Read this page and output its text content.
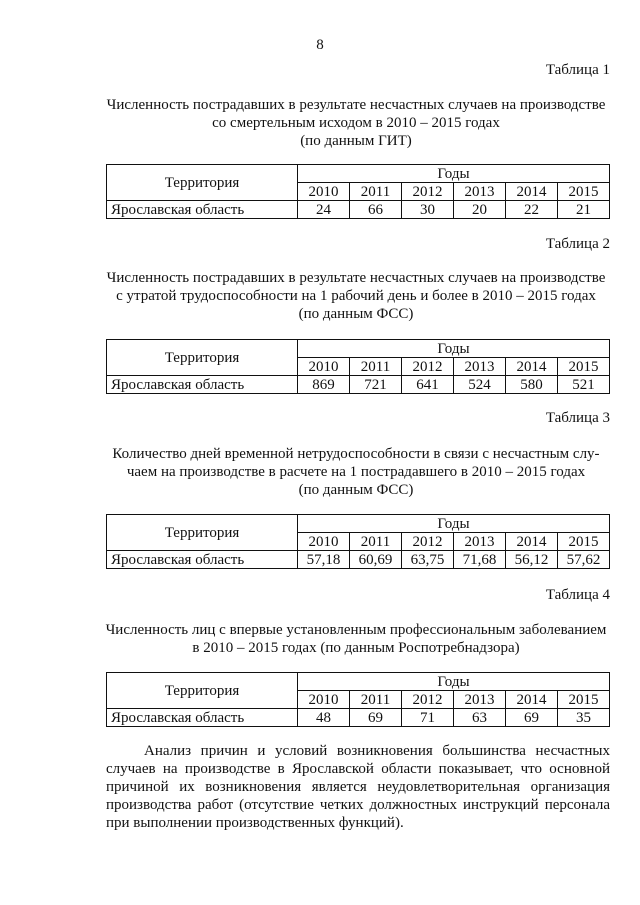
8
Таблица 1
Численность пострадавших в результате несчастных случаев на производстве
со смертельным исходом в 2010 – 2015 годах
(по данным ГИТ)
Территория	Годы					
	2010	2011	2012	2013	2014	2015
Ярославская область	24	66	30	20	22	21
Таблица 2
Численность пострадавших в результате несчастных случаев на производстве
с утратой трудоспособности на 1 рабочий день и более в 2010 – 2015 годах
(по данным ФСС)
Территория	Годы					
	2010	2011	2012	2013	2014	2015
Ярославская область	869	721	641	524	580	521
Таблица 3
Количество дней временной нетрудоспособности в связи с несчастным слу-
чаем на производстве в расчете на 1 пострадавшего в 2010 – 2015 годах
(по данным ФСС)
Территория	Годы					
	2010	2011	2012	2013	2014	2015
Ярославская область	57,18	60,69	63,75	71,68	56,12	57,62
Таблица 4
Численность лиц с впервые установленным профессиональным заболеванием
в 2010 – 2015 годах (по данным Роспотребнадзора)
Территория	Годы					
	2010	2011	2012	2013	2014	2015
Ярославская область	48	69	71	63	69	35

Анализ причин и условий возникновения большинства несчастных случаев на производстве в Ярославской области показывает, что основной причиной их возникновения является неудовлетворительная организация производства работ (отсутствие четких должностных инструкций персонала при выполнении производственных функций).
